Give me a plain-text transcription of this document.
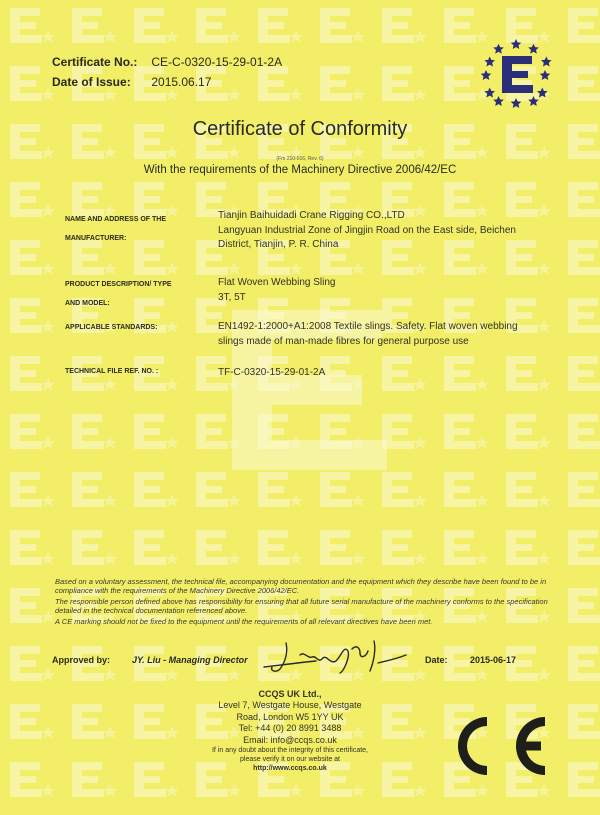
Certificate No.: CE-C-0320-15-29-01-2A
Date of Issue: 2015.06.17
Certificate of Conformity
(Fm 210-016, Rev. 6)
With the requirements of the Machinery Directive 2006/42/EC
NAME AND ADDRESS OF THE
MANUFACTURER:
Tianjin Baihuidadi Crane Rigging CO.,LTD
Langyuan Industrial Zone of Jingjin Road on the East side, Beichen
District, Tianjin, P. R. China
PRODUCT DESCRIPTION/ TYPE
AND MODEL:
Flat Woven Webbing Sling
3T, 5T
APPLICABLE STANDARDS:	EN1492-1:2000+A1:2008 Textile slings. Safety. Flat woven webbing slings made of man-made fibres for general purpose use
TECHNICAL FILE REF. NO. :	TF-C-0320-15-29-01-2A

Based on a voluntary assessment, the technical file, accompanying documentation and the equipment which they describe have been found to be in compliance with the requirements of the Machinery Directive 2006/42/EC.

The responsible person defined above has responsibility for ensuring that all future serial manufacture of the machinery conforms to the specification detailed in the technical documentation referenced above.

A CE marking should not be fixed to the equipment until the requirements of all relevant directives have been met.

Approved by: JY. Liu - Managing Director	Date: 2015-06-17
CCQS UK Ltd.,
Level 7, Westgate House, Westgate
Road, London W5 1YY UK
Tel: +44 (0) 20 8991 3488
Email: info@ccqs.co.uk
If in any doubt about the integrity of this certificate,
please verify it on our website at
http://www.ccqs.co.uk
